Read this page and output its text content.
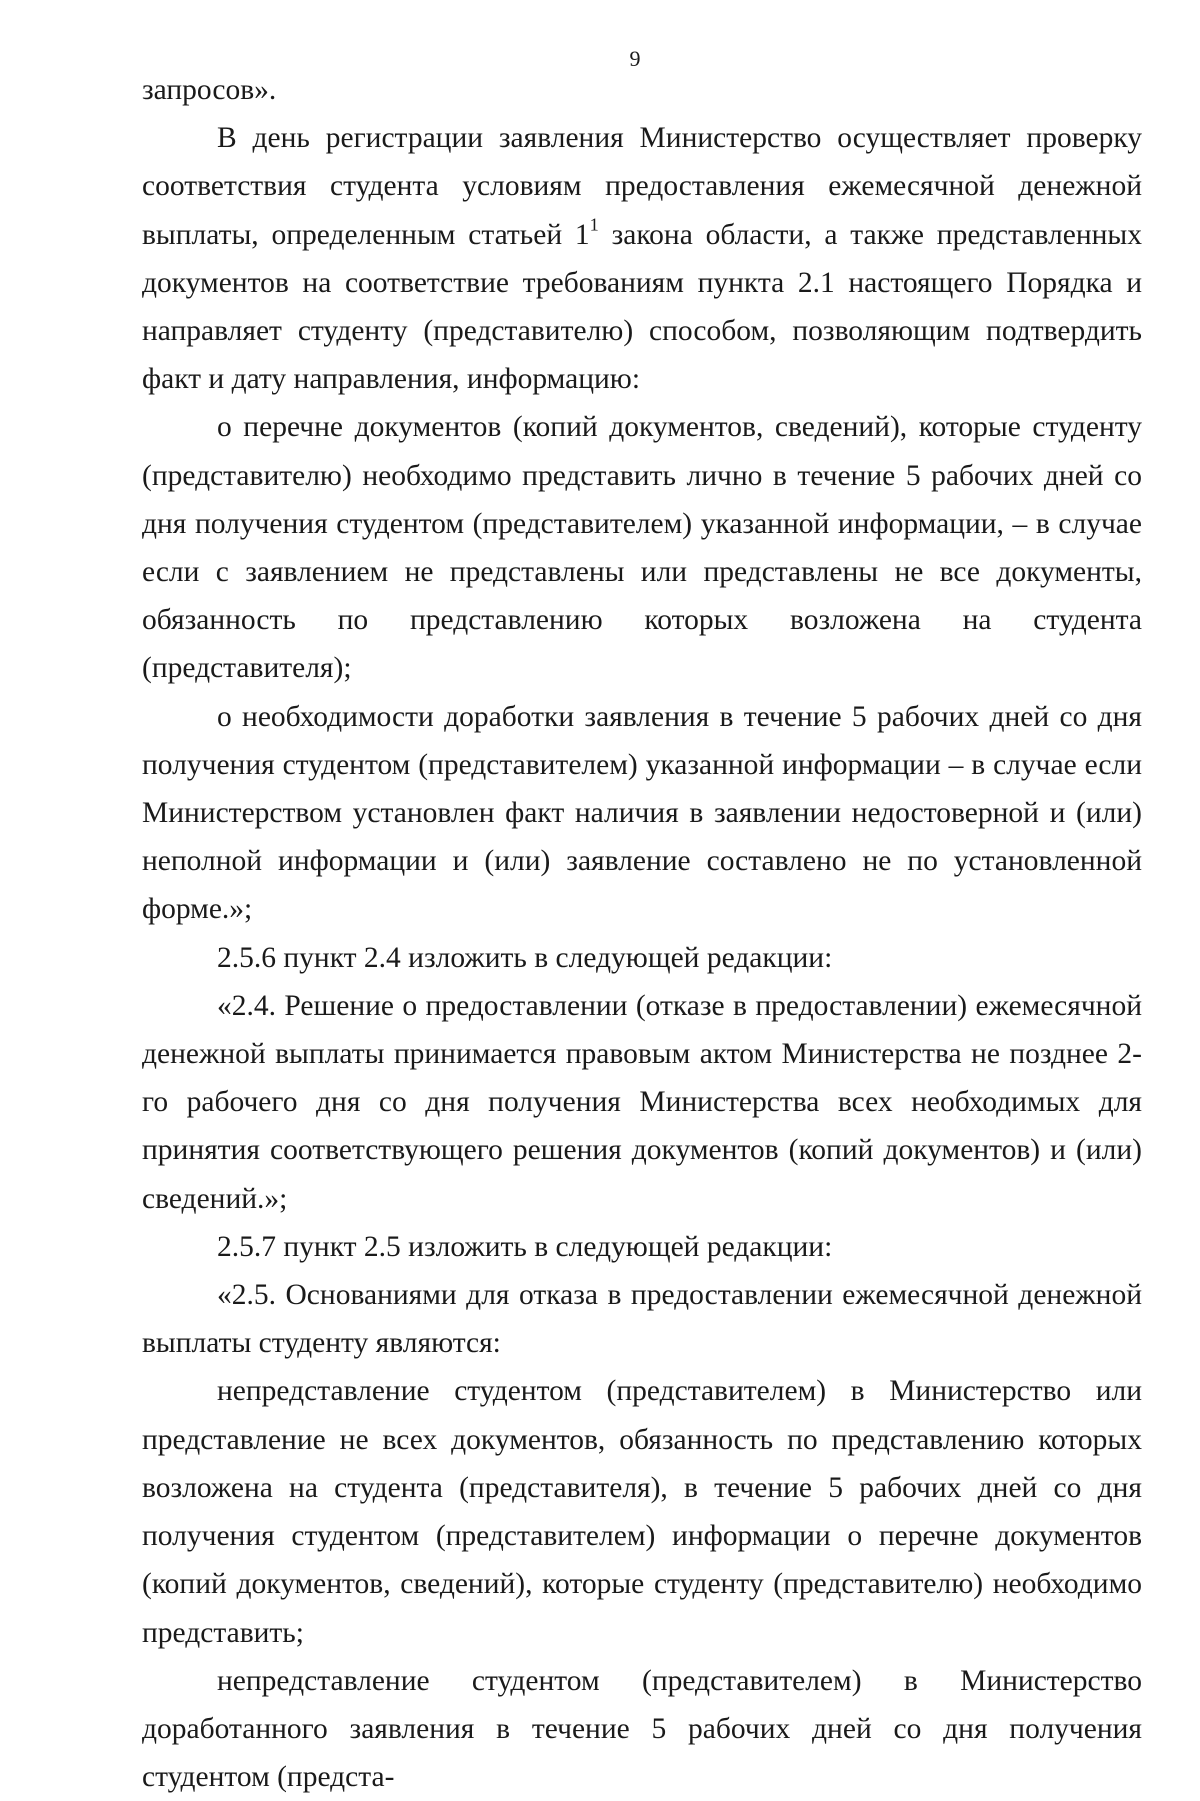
9

запросов».

В день регистрации заявления Министерство осуществляет проверку соответствия студента условиям предоставления ежемесячной денежной выплаты, определенным статьей $1^1$ закона области, а также представленных документов на соответствие требованиям пункта 2.1 настоящего Порядка и направляет студенту (представителю) способом, позволяющим подтвердить факт и дату направления, информацию:

о перечне документов (копий документов, сведений), которые студенту (представителю) необходимо представить лично в течение 5 рабочих дней со дня получения студентом (представителем) указанной информации, – в случае если с заявлением не представлены или представлены не все документы, обязанность по представлению которых возложена на студента (представителя);

о необходимости доработки заявления в течение 5 рабочих дней со дня получения студентом (представителем) указанной информации – в случае если Министерством установлен факт наличия в заявлении недостоверной и (или) неполной информации и (или) заявление составлено не по установленной форме.»;

2.5.6 пункт 2.4 изложить в следующей редакции:

«2.4. Решение о предоставлении (отказе в предоставлении) ежемесячной денежной выплаты принимается правовым актом Министерства не позднее 2-го рабочего дня со дня получения Министерства всех необходимых для принятия соответствующего решения документов (копий документов) и (или) сведений.»;

2.5.7 пункт 2.5 изложить в следующей редакции:

«2.5. Основаниями для отказа в предоставлении ежемесячной денежной выплаты студенту являются:

непредставление студентом (представителем) в Министерство или представление не всех документов, обязанность по представлению которых возложена на студента (представителя), в течение 5 рабочих дней со дня получения студентом (представителем) информации о перечне документов (копий документов, сведений), которые студенту (представителю) необходимо представить;

непредставление студентом (представителем) в Министерство доработанного заявления в течение 5 рабочих дней со дня получения студентом (предста-
